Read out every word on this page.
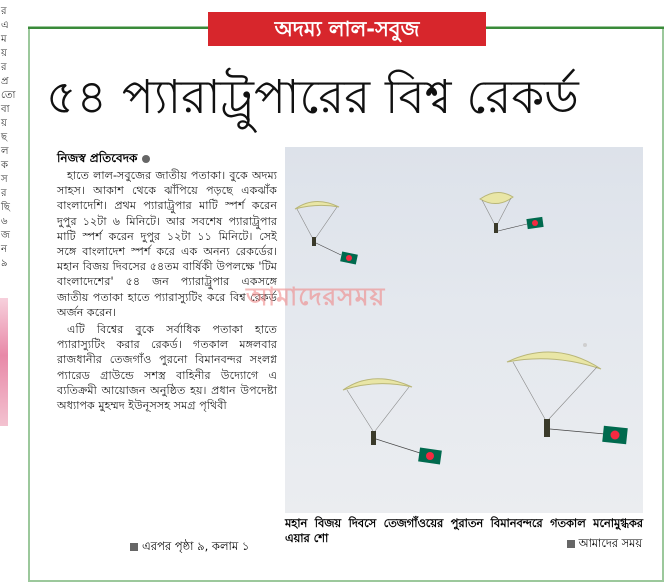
র
এ
ম
য়
র
প্র
তো
বা
য়
ছ
ল
ক
স
র
ছি
৬
জ
ন
৯
অদম্য লাল-সবুজ
৫৪ প্যারাট্রুপারের বিশ্ব রেকর্ড
নিজস্ব প্রতিবেদক

হাতে লাল-সবুজের জাতীয় পতাকা। বুকে অদম্য সাহস। আকাশ থেকে ঝাঁপিয়ে পড়ছে একঝাঁক বাংলাদেশি। প্রথম প্যারাট্রুপার মাটি স্পর্শ করেন দুপুর ১২টা ৬ মিনিটে। আর সবশেষ প্যারাট্রুপার মাটি স্পর্শ করেন দুপুর ১২টা ১১ মিনিটে। সেই সঙ্গে বাংলাদেশ স্পর্শ করে এক অনন্য রেকর্ডের। মহান বিজয় দিবসের ৫৪তম বার্ষিকী উপলক্ষে 'টিম বাংলাদেশের' ৫৪ জন প্যারাট্রুপার একসঙ্গে জাতীয় পতাকা হাতে প্যারাস্যুটিং করে বিশ্ব রেকর্ড অর্জন করেন।

এটি বিশ্বের বুকে সর্বাধিক পতাকা হাতে প্যারাস্যুটিং করার রেকর্ড। গতকাল মঙ্গলবার রাজধানীর তেজগাঁও পুরনো বিমানবন্দর সংলগ্ন প্যারেড গ্রাউন্ডে সশস্ত্র বাহিনীর উদ্যোগে এ ব্যতিক্রমী আয়োজন অনুষ্ঠিত হয়। প্রধান উপদেষ্টা অধ্যাপক মুহম্মদ ইউনূসসহ সমগ্র পৃথিবী

এরপর পৃষ্ঠা ৯, কলাম ১
আমাদেরসময়
মহান বিজয় দিবসে তেজগাঁওয়ের পুরাতন বিমানবন্দরে গতকাল মনোমুগ্ধকর এয়ার শো	আমাদের সময়
